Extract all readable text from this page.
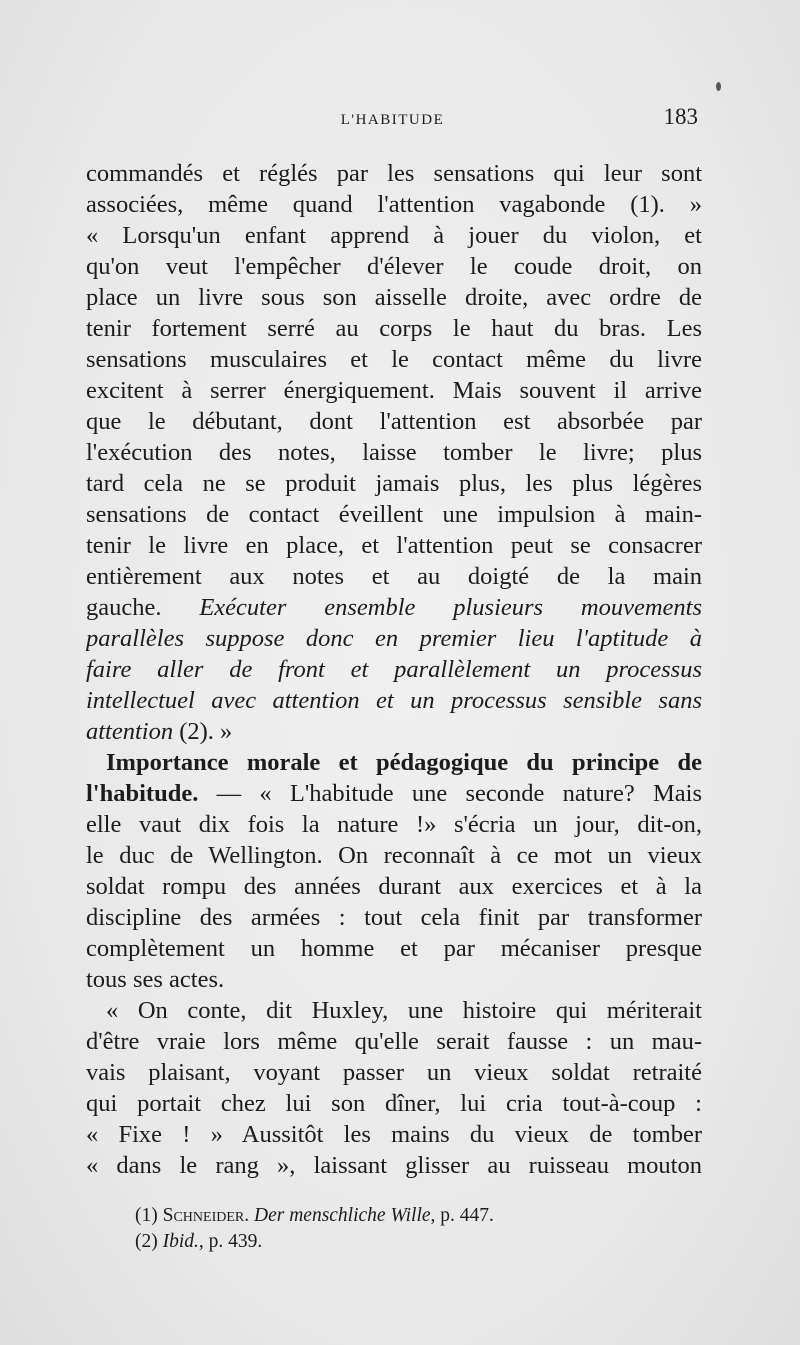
L'HABITUDE	183
commandés et réglés par les sensations qui leur sont
associées, même quand l'attention vagabonde (1). »
« Lorsqu'un enfant apprend à jouer du violon, et
qu'on veut l'empêcher d'élever le coude droit, on
place un livre sous son aisselle droite, avec ordre de
tenir fortement serré au corps le haut du bras. Les
sensations musculaires et le contact même du livre
excitent à serrer énergiquement. Mais souvent il arrive
que le débutant, dont l'attention est absorbée par
l'exécution des notes, laisse tomber le livre; plus
tard cela ne se produit jamais plus, les plus légères
sensations de contact éveillent une impulsion à main-
tenir le livre en place, et l'attention peut se consacrer
entièrement aux notes et au doigté de la main
gauche. Exécuter ensemble plusieurs mouvements
parallèles suppose donc en premier lieu l'aptitude à
faire aller de front et parallèlement un processus
intellectuel avec attention et un processus sensible sans
attention (2). »
Importance morale et pédagogique du principe de
l'habitude. — « L'habitude une seconde nature? Mais
elle vaut dix fois la nature !» s'écria un jour, dit-on,
le duc de Wellington. On reconnaît à ce mot un vieux
soldat rompu des années durant aux exercices et à la
discipline des armées : tout cela finit par transformer
complètement un homme et par mécaniser presque
tous ses actes.
« On conte, dit Huxley, une histoire qui mériterait
d'être vraie lors même qu'elle serait fausse : un mau-
vais plaisant, voyant passer un vieux soldat retraité
qui portait chez lui son dîner, lui cria tout-à-coup :
« Fixe ! » Aussitôt les mains du vieux de tomber
« dans le rang », laissant glisser au ruisseau mouton
(1) Schneider. Der menschliche Wille, p. 447.
(2) Ibid., p. 439.
